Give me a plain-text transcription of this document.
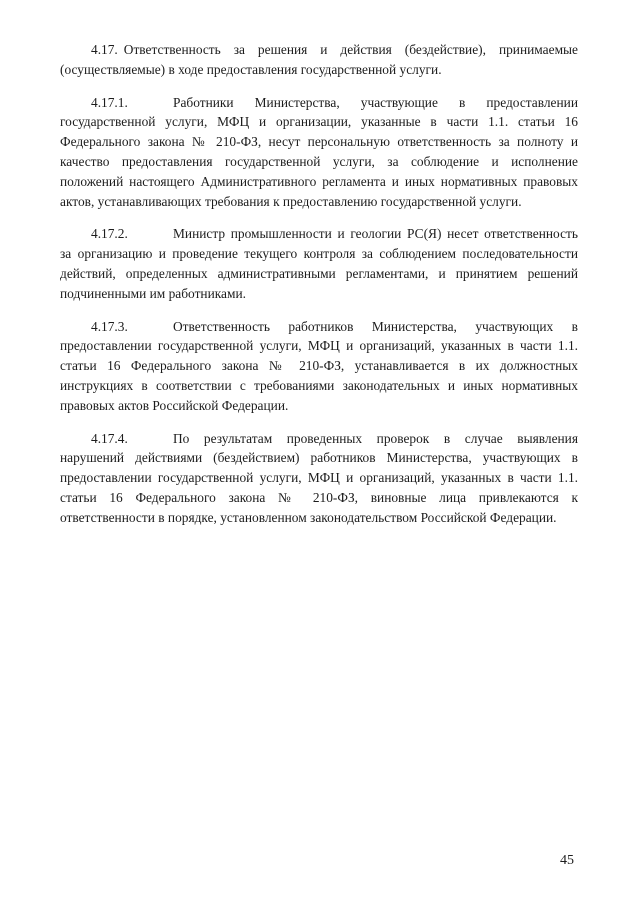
4.17. Ответственность за решения и действия (бездействие), принимаемые (осуществляемые) в ходе предоставления государственной услуги.

4.17.1.	Работники Министерства, участвующие в предоставлении государственной услуги, МФЦ и организации, указанные в части 1.1. статьи 16 Федерального закона № 210-ФЗ, несут персональную ответственность за полноту и качество предоставления государственной услуги, за соблюдение и исполнение положений настоящего Административного регламента и иных нормативных правовых актов, устанавливающих требования к предоставлению государственной услуги.

4.17.2.	Министр промышленности и геологии РС(Я) несет ответственность за организацию и проведение текущего контроля за соблюдением последовательности действий, определенных административными регламентами, и принятием решений подчиненными им работниками.

4.17.3.	Ответственность работников Министерства, участвующих в предоставлении государственной услуги, МФЦ и организаций, указанных в части 1.1. статьи 16 Федерального закона № 210-ФЗ, устанавливается в их должностных инструкциях в соответствии с требованиями законодательных и иных нормативных правовых актов Российской Федерации.

4.17.4.	По результатам проведенных проверок в случае выявления нарушений действиями (бездействием) работников Министерства, участвующих в предоставлении государственной услуги, МФЦ и организаций, указанных в части 1.1. статьи 16 Федерального закона № 210-ФЗ, виновные лица привлекаются к ответственности в порядке, установленном законодательством Российской Федерации.

45
